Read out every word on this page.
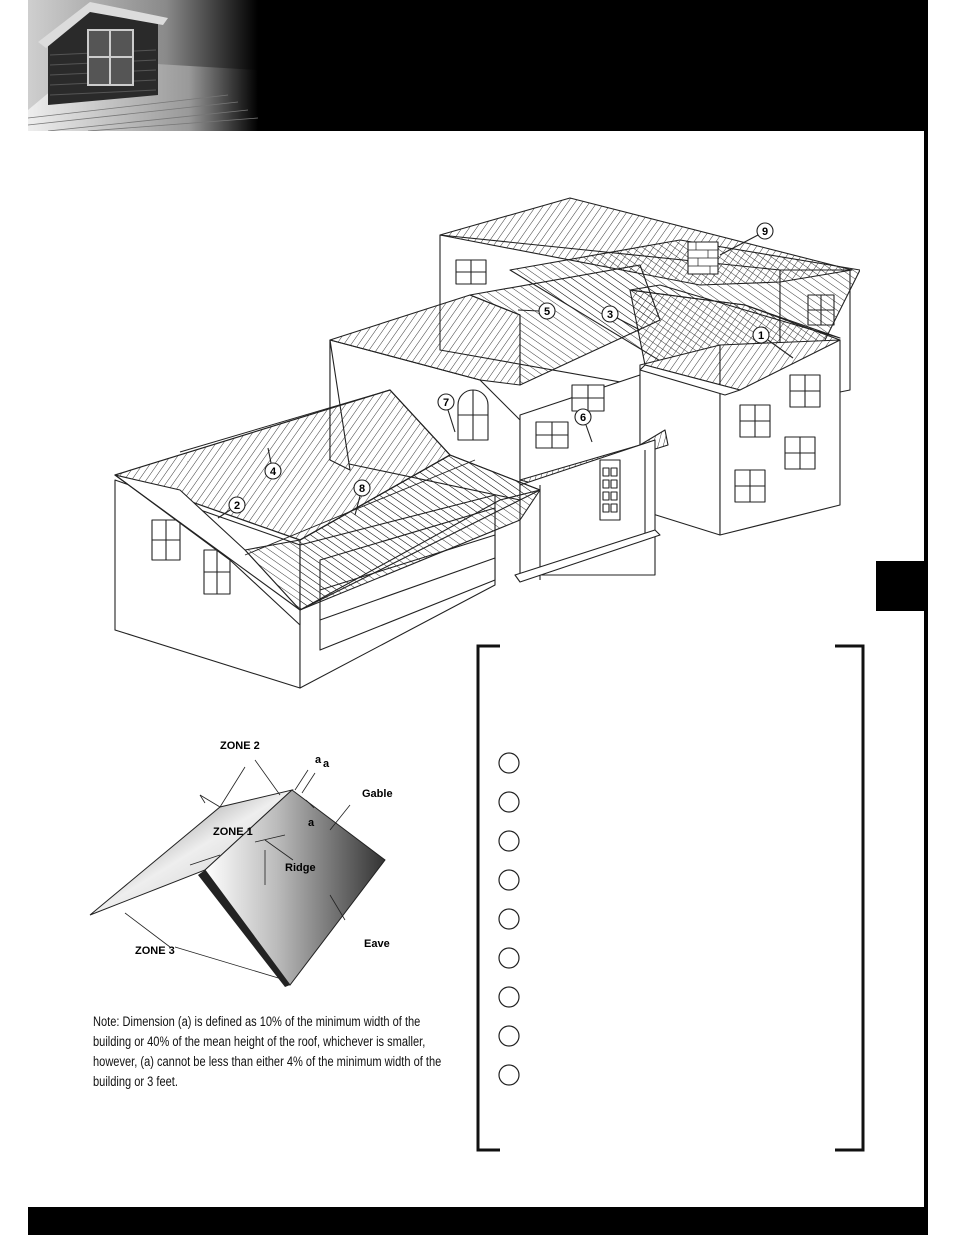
1
2
3
4
5
6
7
8
9
ZONE 2
a a
a
Gable
ZONE 1
Ridge
Eave
ZONE 3
Note: Dimension (a) is defined as 10% of the minimum width of the building or 40% of the mean height of the roof, whichever is smaller, however, (a) cannot be less than either 4% of the minimum width of the building or 3 feet.
